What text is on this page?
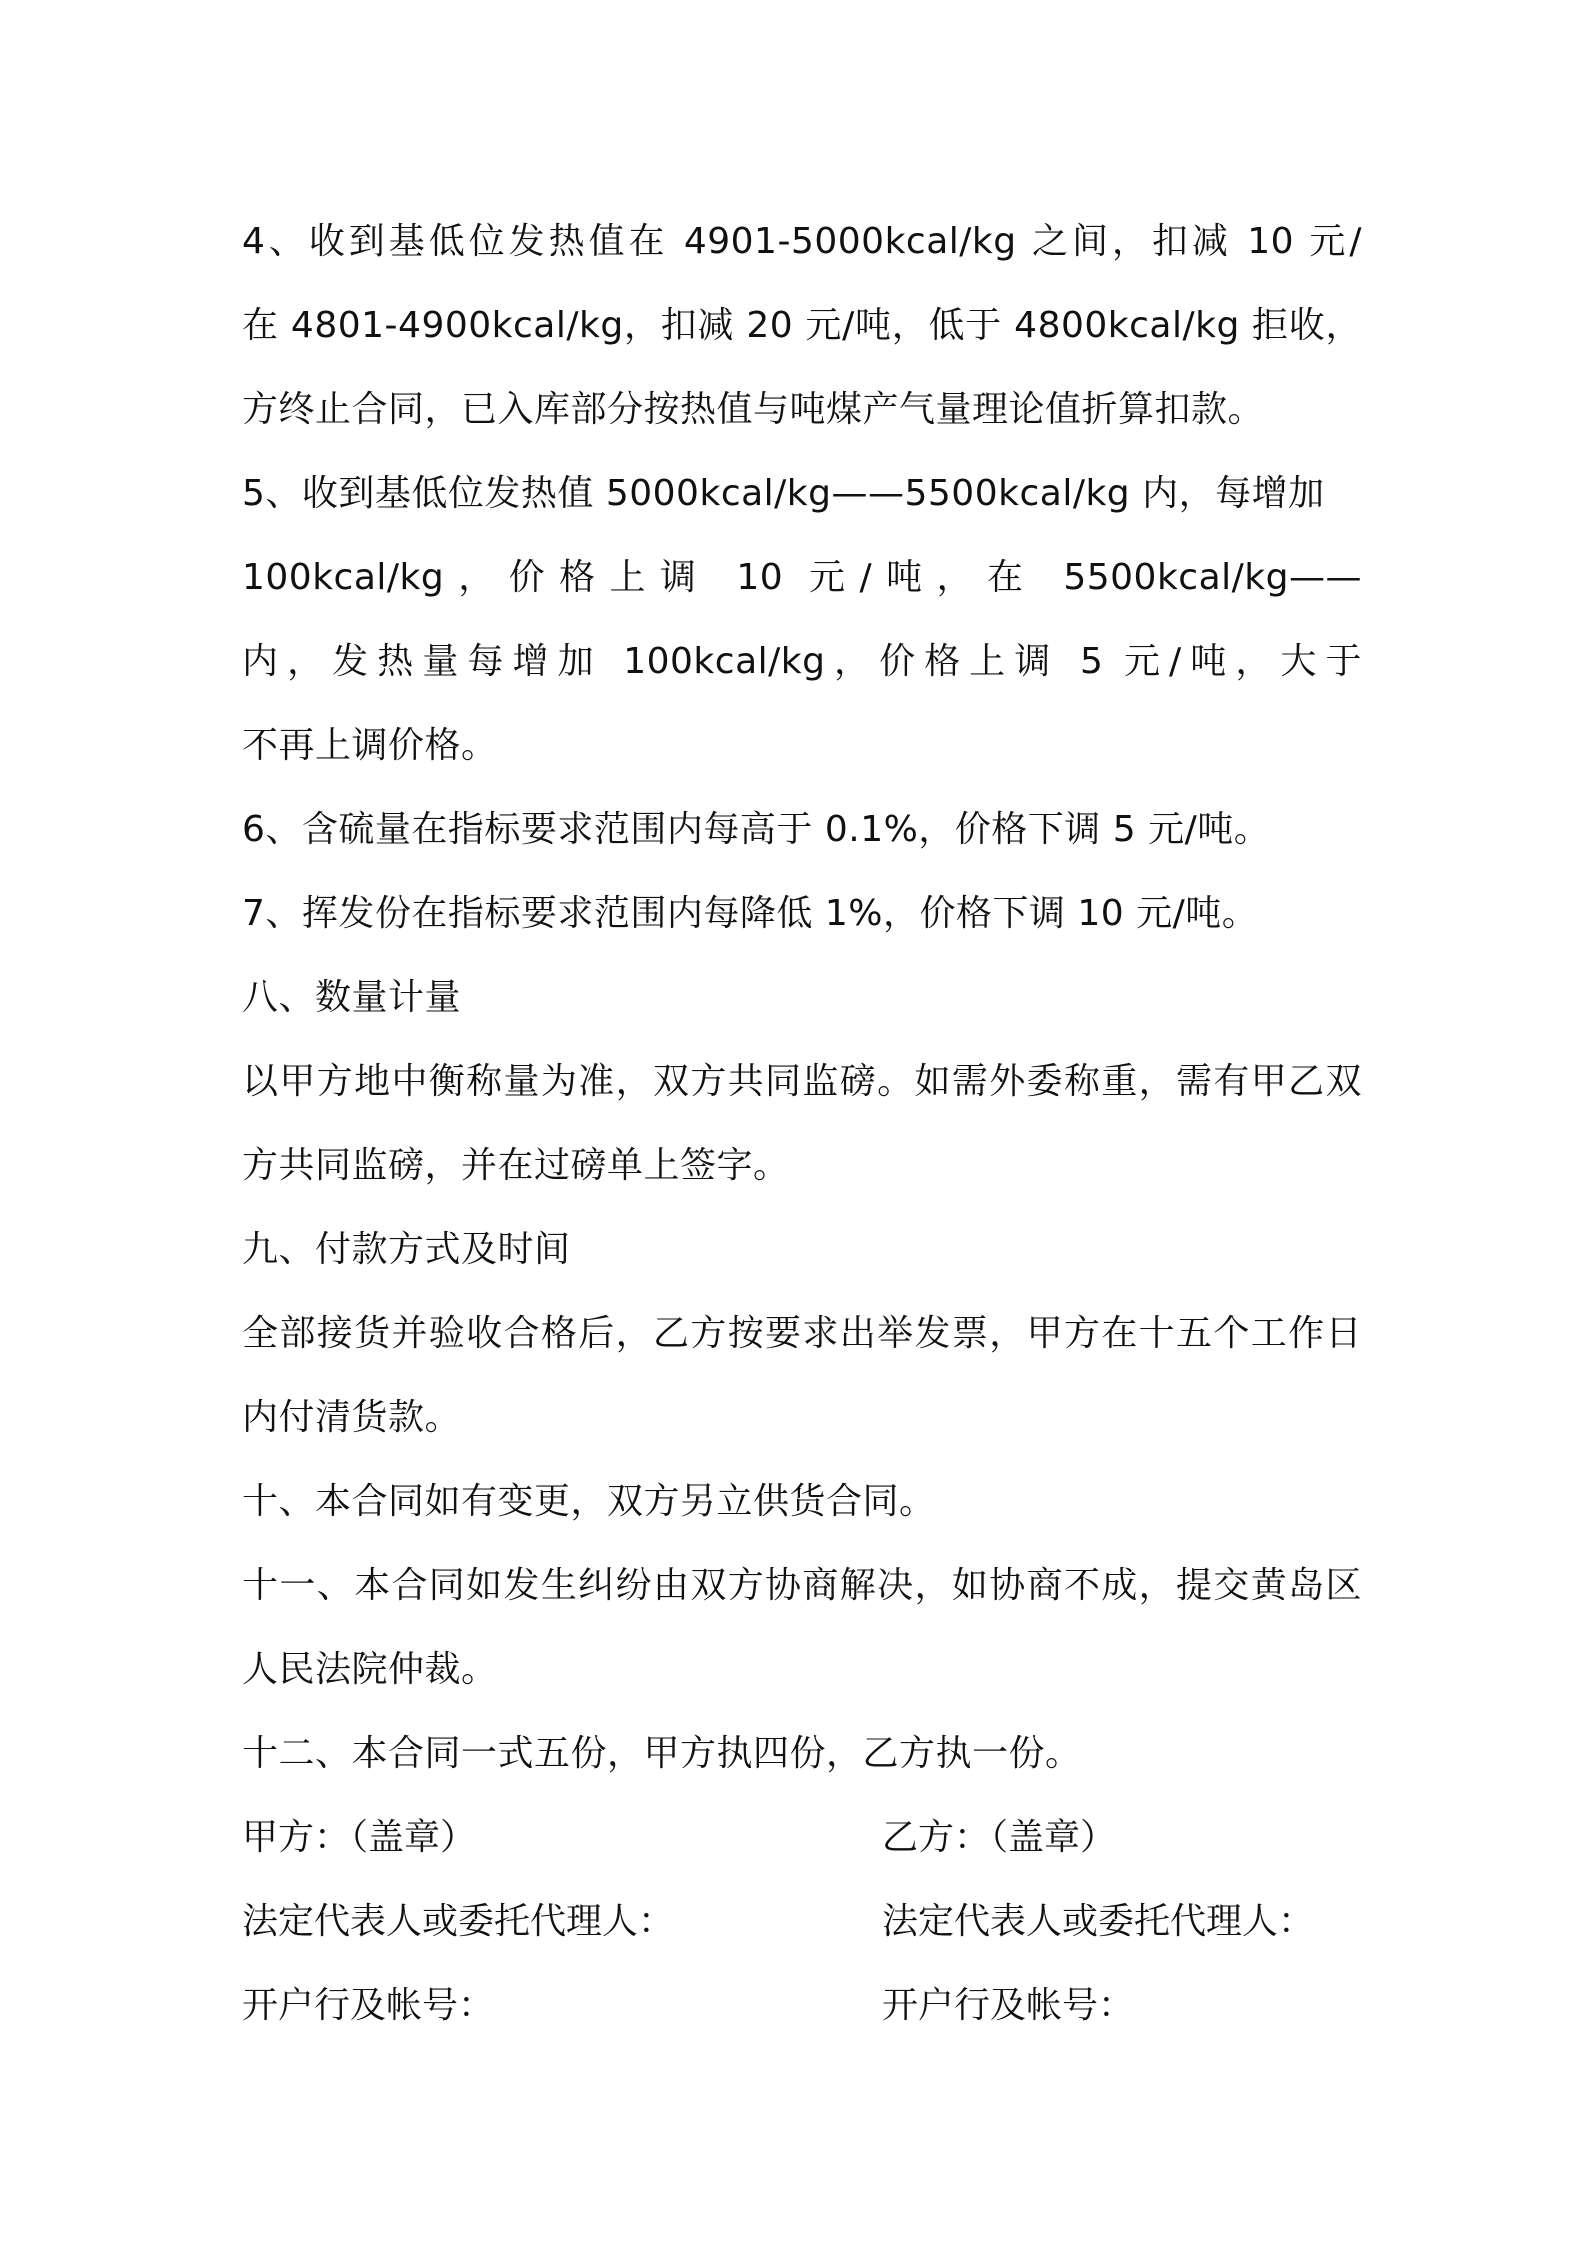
4、收到基低位发热值在 4901-5000kcal/kg 之间，扣减 10 元/
在 4801-4900kcal/kg，扣减 20 元/吨，低于 4800kcal/kg 拒收，
方终止合同，已入库部分按热值与吨煤产气量理论值折算扣款。
5、收到基低位发热值 5000kcal/kg——5500kcal/kg 内，每增加
100kcal/kg，价格上调 10 元/吨，在 5500kcal/kg——
内，发热量每增加 100kcal/kg，价格上调 5 元/吨，大于
不再上调价格。
6、含硫量在指标要求范围内每高于 0.1%，价格下调 5 元/吨。
7、挥发份在指标要求范围内每降低 1%，价格下调 10 元/吨。
八、数量计量
以甲方地中衡称量为准，双方共同监磅。如需外委称重，需有甲乙双
方共同监磅，并在过磅单上签字。
九、付款方式及时间
全部接货并验收合格后，乙方按要求出举发票，甲方在十五个工作日
内付清货款。
十、本合同如有变更，双方另立供货合同。
十一、本合同如发生纠纷由双方协商解决，如协商不成，提交黄岛区
人民法院仲裁。
十二、本合同一式五份，甲方执四份，乙方执一份。
甲方：（盖章）	乙方：（盖章）
法定代表人或委托代理人：	法定代表人或委托代理人：
开户行及帐号：	开户行及帐号：
